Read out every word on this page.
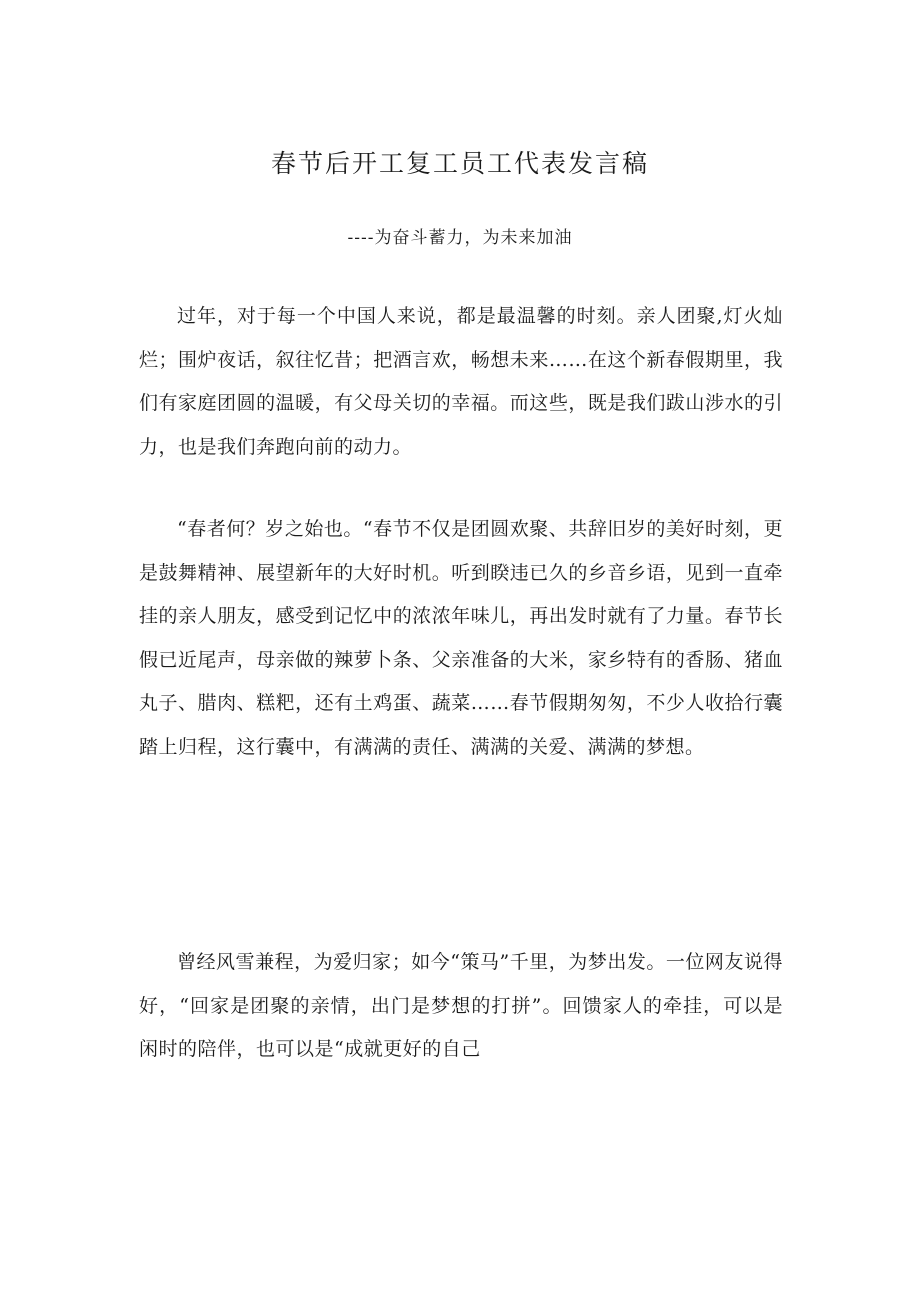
春节后开工复工员工代表发言稿

----为奋斗蓄力，为未来加油

过年，对于每一个中国人来说，都是最温馨的时刻。亲人团聚,灯火灿烂；围炉夜话，叙往忆昔；把酒言欢，畅想未来……在这个新春假期里，我们有家庭团圆的温暖，有父母关切的幸福。而这些，既是我们跋山涉水的引力，也是我们奔跑向前的动力。

“春者何？岁之始也。“春节不仅是团圆欢聚、共辞旧岁的美好时刻，更是鼓舞精神、展望新年的大好时机。听到睽违已久的乡音乡语，见到一直牵挂的亲人朋友，感受到记忆中的浓浓年味儿，再出发时就有了力量。春节长假已近尾声，母亲做的辣萝卜条、父亲准备的大米，家乡特有的香肠、猪血丸子、腊肉、糕粑，还有土鸡蛋、蔬菜……春节假期匆匆，不少人收拾行囊踏上归程，这行囊中，有满满的责任、满满的关爱、满满的梦想。

曾经风雪兼程，为爱归家；如今“策马”千里，为梦出发。一位网友说得好，“回家是团聚的亲情，出门是梦想的打拼”。回馈家人的牵挂，可以是闲时的陪伴，也可以是“成就更好的自己
